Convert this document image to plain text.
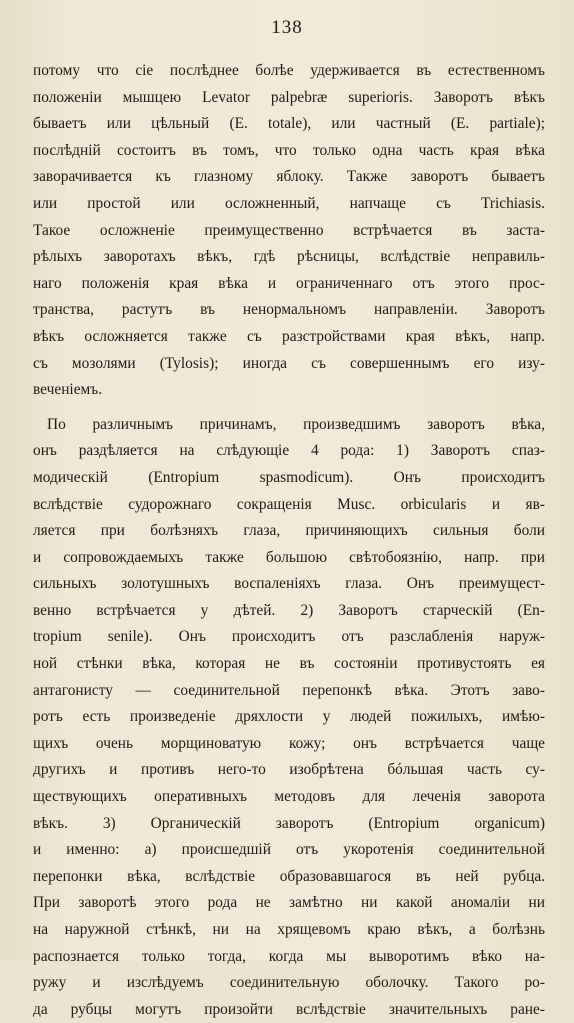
138
потому что сіе послѣднее болѣе удерживается въ естественномъ
положеніи мышцею Levator palpebræ superioris. Заворотъ вѣкъ
бываетъ или цѣльный (E. totale), или частный (E. partiale);
послѣдній состоитъ въ томъ, что только одна часть края вѣка
заворачивается къ глазному яблоку. Также заворотъ бываетъ
или простой или осложненный, напчаще съ Trichiasis.
Такое осложненіе преимущественно встрѣчается въ заста-
рѣлыхъ заворотахъ вѣкъ, гдѣ рѣсницы, вслѣдствіе неправиль-
наго положенія края вѣка и ограниченнаго отъ этого прос-
транства, растутъ въ ненормальномъ направленіи. Заворотъ
вѣкъ осложняется также съ разстройствами края вѣкъ, напр.
съ мозолями (Tylosis); иногда съ совершеннымъ его изу-
веченіемъ.
По различнымъ причинамъ, произведшимъ заворотъ вѣка,
онъ раздѣляется на слѣдующіе 4 рода: 1) Заворотъ спаз-
модическій (Entropium spasmodicum). Онъ происходитъ
вслѣдствіе судорожнаго сокращенія Musc. orbicularis и яв-
ляется при болѣзняхъ глаза, причиняющихъ сильныя боли
и сопровождаемыхъ также большою свѣтобоязнію, напр. при
сильныхъ золотушныхъ воспаленіяхъ глаза. Онъ преимущест-
венно встрѣчается у дѣтей. 2) Заворотъ старческій (En-
tropium senile). Онъ происходитъ отъ разслабленія наруж-
ной стѣнки вѣка, которая не въ состояніи противустоять ея
антагонисту — соединительной перепонкѣ вѣка. Этотъ заво-
ротъ есть произведеніе дряхлости у людей пожилыхъ, имѣю-
щихъ очень морщиноватую кожу; онъ встрѣчается чаще
другихъ и противъ него-то изобрѣтена бóльшая часть су-
ществующихъ оперативныхъ методовъ для леченія заворота
вѣкъ. 3) Органическій заворотъ (Entropium organicum)
и именно: а) происшедшій отъ укоротенія соединительной
перепонки вѣка, вслѣдствіе образовавшагося въ ней рубца.
При заворотѣ этого рода не замѣтно ни какой аномаліи ни
на наружной стѣнкѣ, ни на хрящевомъ краю вѣкъ, а болѣзнь
распознается только тогда, когда мы выворотимъ вѣко на-
ружу и изслѣдуемъ соединительную оболочку. Такого ро-
да рубцы могутъ произойти вслѣдствіе значительныхъ ране-
